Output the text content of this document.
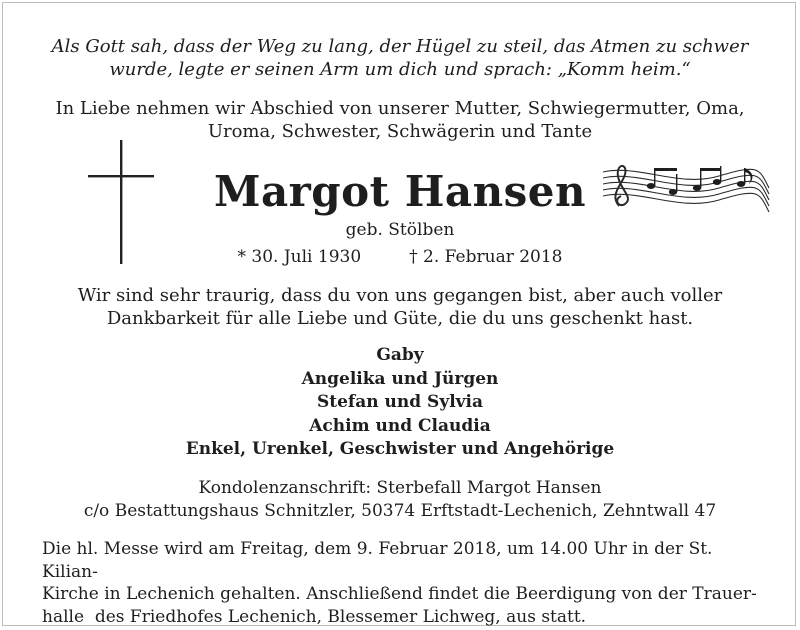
Als Gott sah, dass der Weg zu lang, der Hügel zu steil, das Atmen zu schwer
wurde, legte er seinen Arm um dich und sprach: „Komm heim.“
In Liebe nehmen wir Abschied von unserer Mutter, Schwiegermutter, Oma,
Uroma, Schwester, Schwägerin und Tante
Margot Hansen
geb. Stölben
* 30. Juli 1930	† 2. Februar 2018
Wir sind sehr traurig, dass du von uns gegangen bist, aber auch voller
Dankbarkeit für alle Liebe und Güte, die du uns geschenkt hast.
Gaby
Angelika und Jürgen
Stefan und Sylvia
Achim und Claudia
Enkel, Urenkel, Geschwister und Angehörige
Kondolenzanschrift: Sterbefall Margot Hansen
c/o Bestattungshaus Schnitzler, 50374 Erftstadt-Lechenich, Zehntwall 47
Die hl. Messe wird am Freitag, dem 9. Februar 2018, um 14.00 Uhr in der St. Kilian-
Kirche in Lechenich gehalten. Anschließend findet die Beerdigung von der Trauer-
halle  des Friedhofes Lechenich, Blessemer Lichweg, aus statt.
